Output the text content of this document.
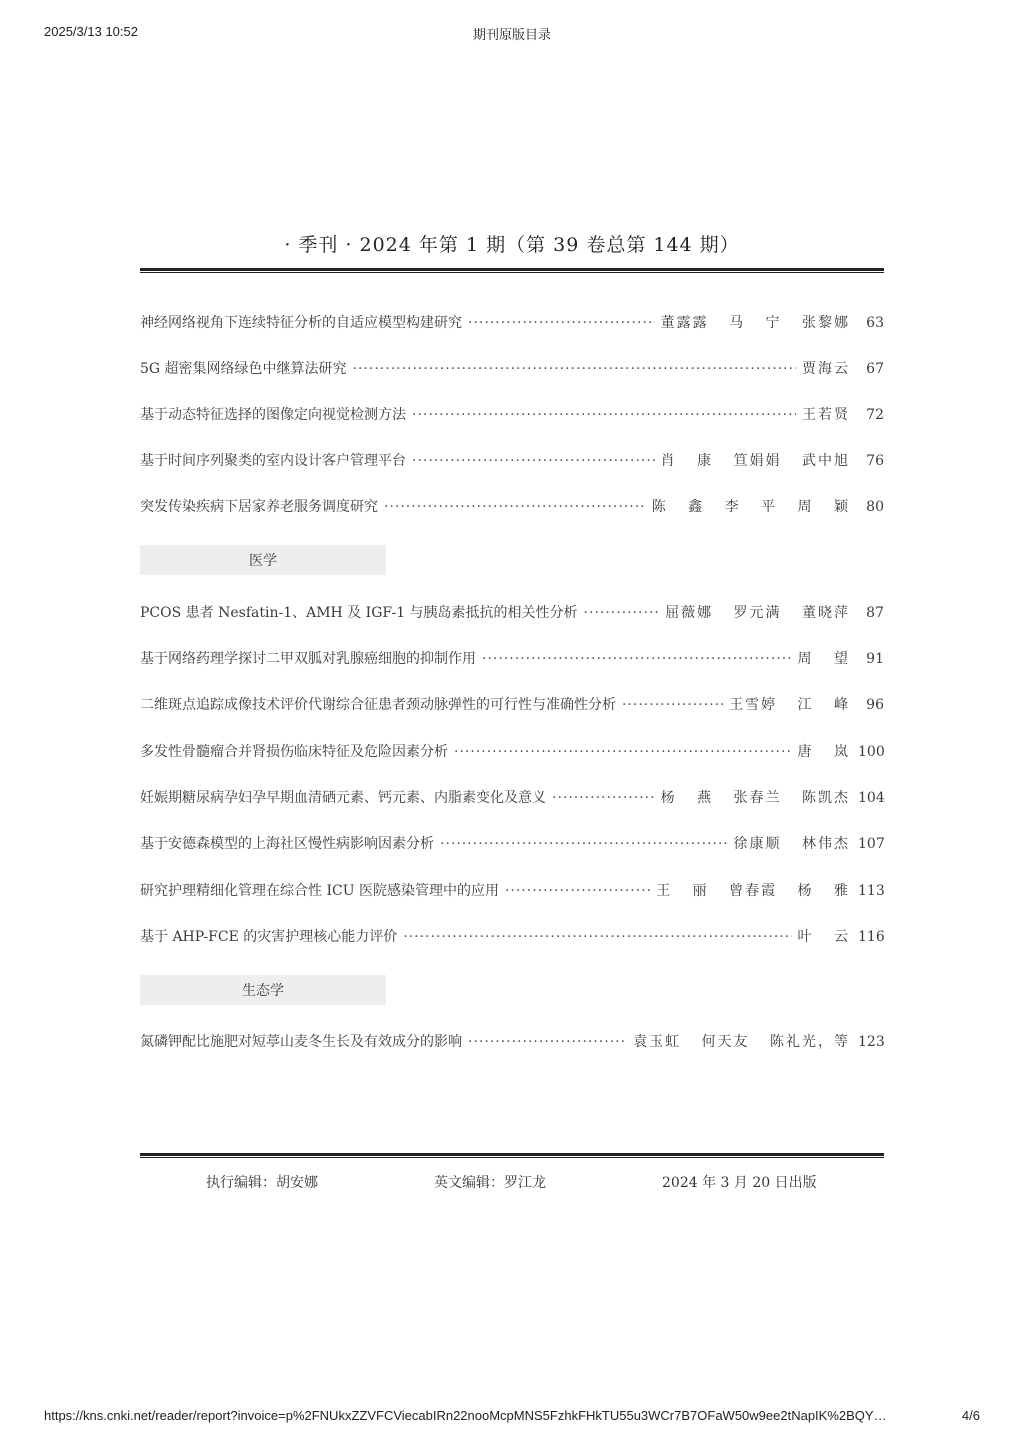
2025/3/13 10:52	期刊原版目录
· 季刊 · 2024 年第 1 期（第 39 卷总第 144 期）
神经网络视角下连续特征分析的自适应模型构建研究 ·····	董露露 马 宁 张黎娜	63
5G 超密集网络绿色中继算法研究 ·····	贾海云	67
基于动态特征选择的图像定向视觉检测方法 ·····	王若贤	72
基于时间序列聚类的室内设计客户管理平台 ·····	肖 康 笪娟娟 武中旭	76
突发传染疾病下居家养老服务调度研究 ·····	陈 鑫 李 平 周 颖	80
PCOS 患者 Nesfatin-1、AMH 及 IGF-1 与胰岛素抵抗的相关性分析 ·····	屈薇娜 罗元满 董晓萍	87
基于网络药理学探讨二甲双胍对乳腺癌细胞的抑制作用 ·····	周 望	91
二维斑点追踪成像技术评价代谢综合征患者颈动脉弹性的可行性与准确性分析 ·····	王雪婷 江 峰	96
多发性骨髓瘤合并肾损伤临床特征及危险因素分析 ·····	唐 岚 100
妊娠期糖尿病孕妇孕早期血清硒元素、钙元素、内脂素变化及意义 ·····	杨 燕 张春兰 陈凯杰 104
基于安德森模型的上海社区慢性病影响因素分析 ·····	徐康顺 林伟杰 107
研究护理精细化管理在综合性 ICU 医院感染管理中的应用 ·····	王 丽 曾春霞 杨 雅 113
基于 AHP-FCE 的灾害护理核心能力评价 ·····	叶 云 116
氮磷钾配比施肥对短葶山麦冬生长及有效成分的影响 ·····	袁玉虹 何天友 陈礼光，等 123
医学
生态学
执行编辑：胡安娜	英文编辑：罗江龙	2024 年 3 月 20 日出版
https://kns.cnki.net/reader/report?invoice=p%2FNUkxZZVFCViecabIRn22nooMcpMNS5FzhkFHkTU55u3WCr7B7OFaW50w9ee2tNapIK%2BQY…	4/6
